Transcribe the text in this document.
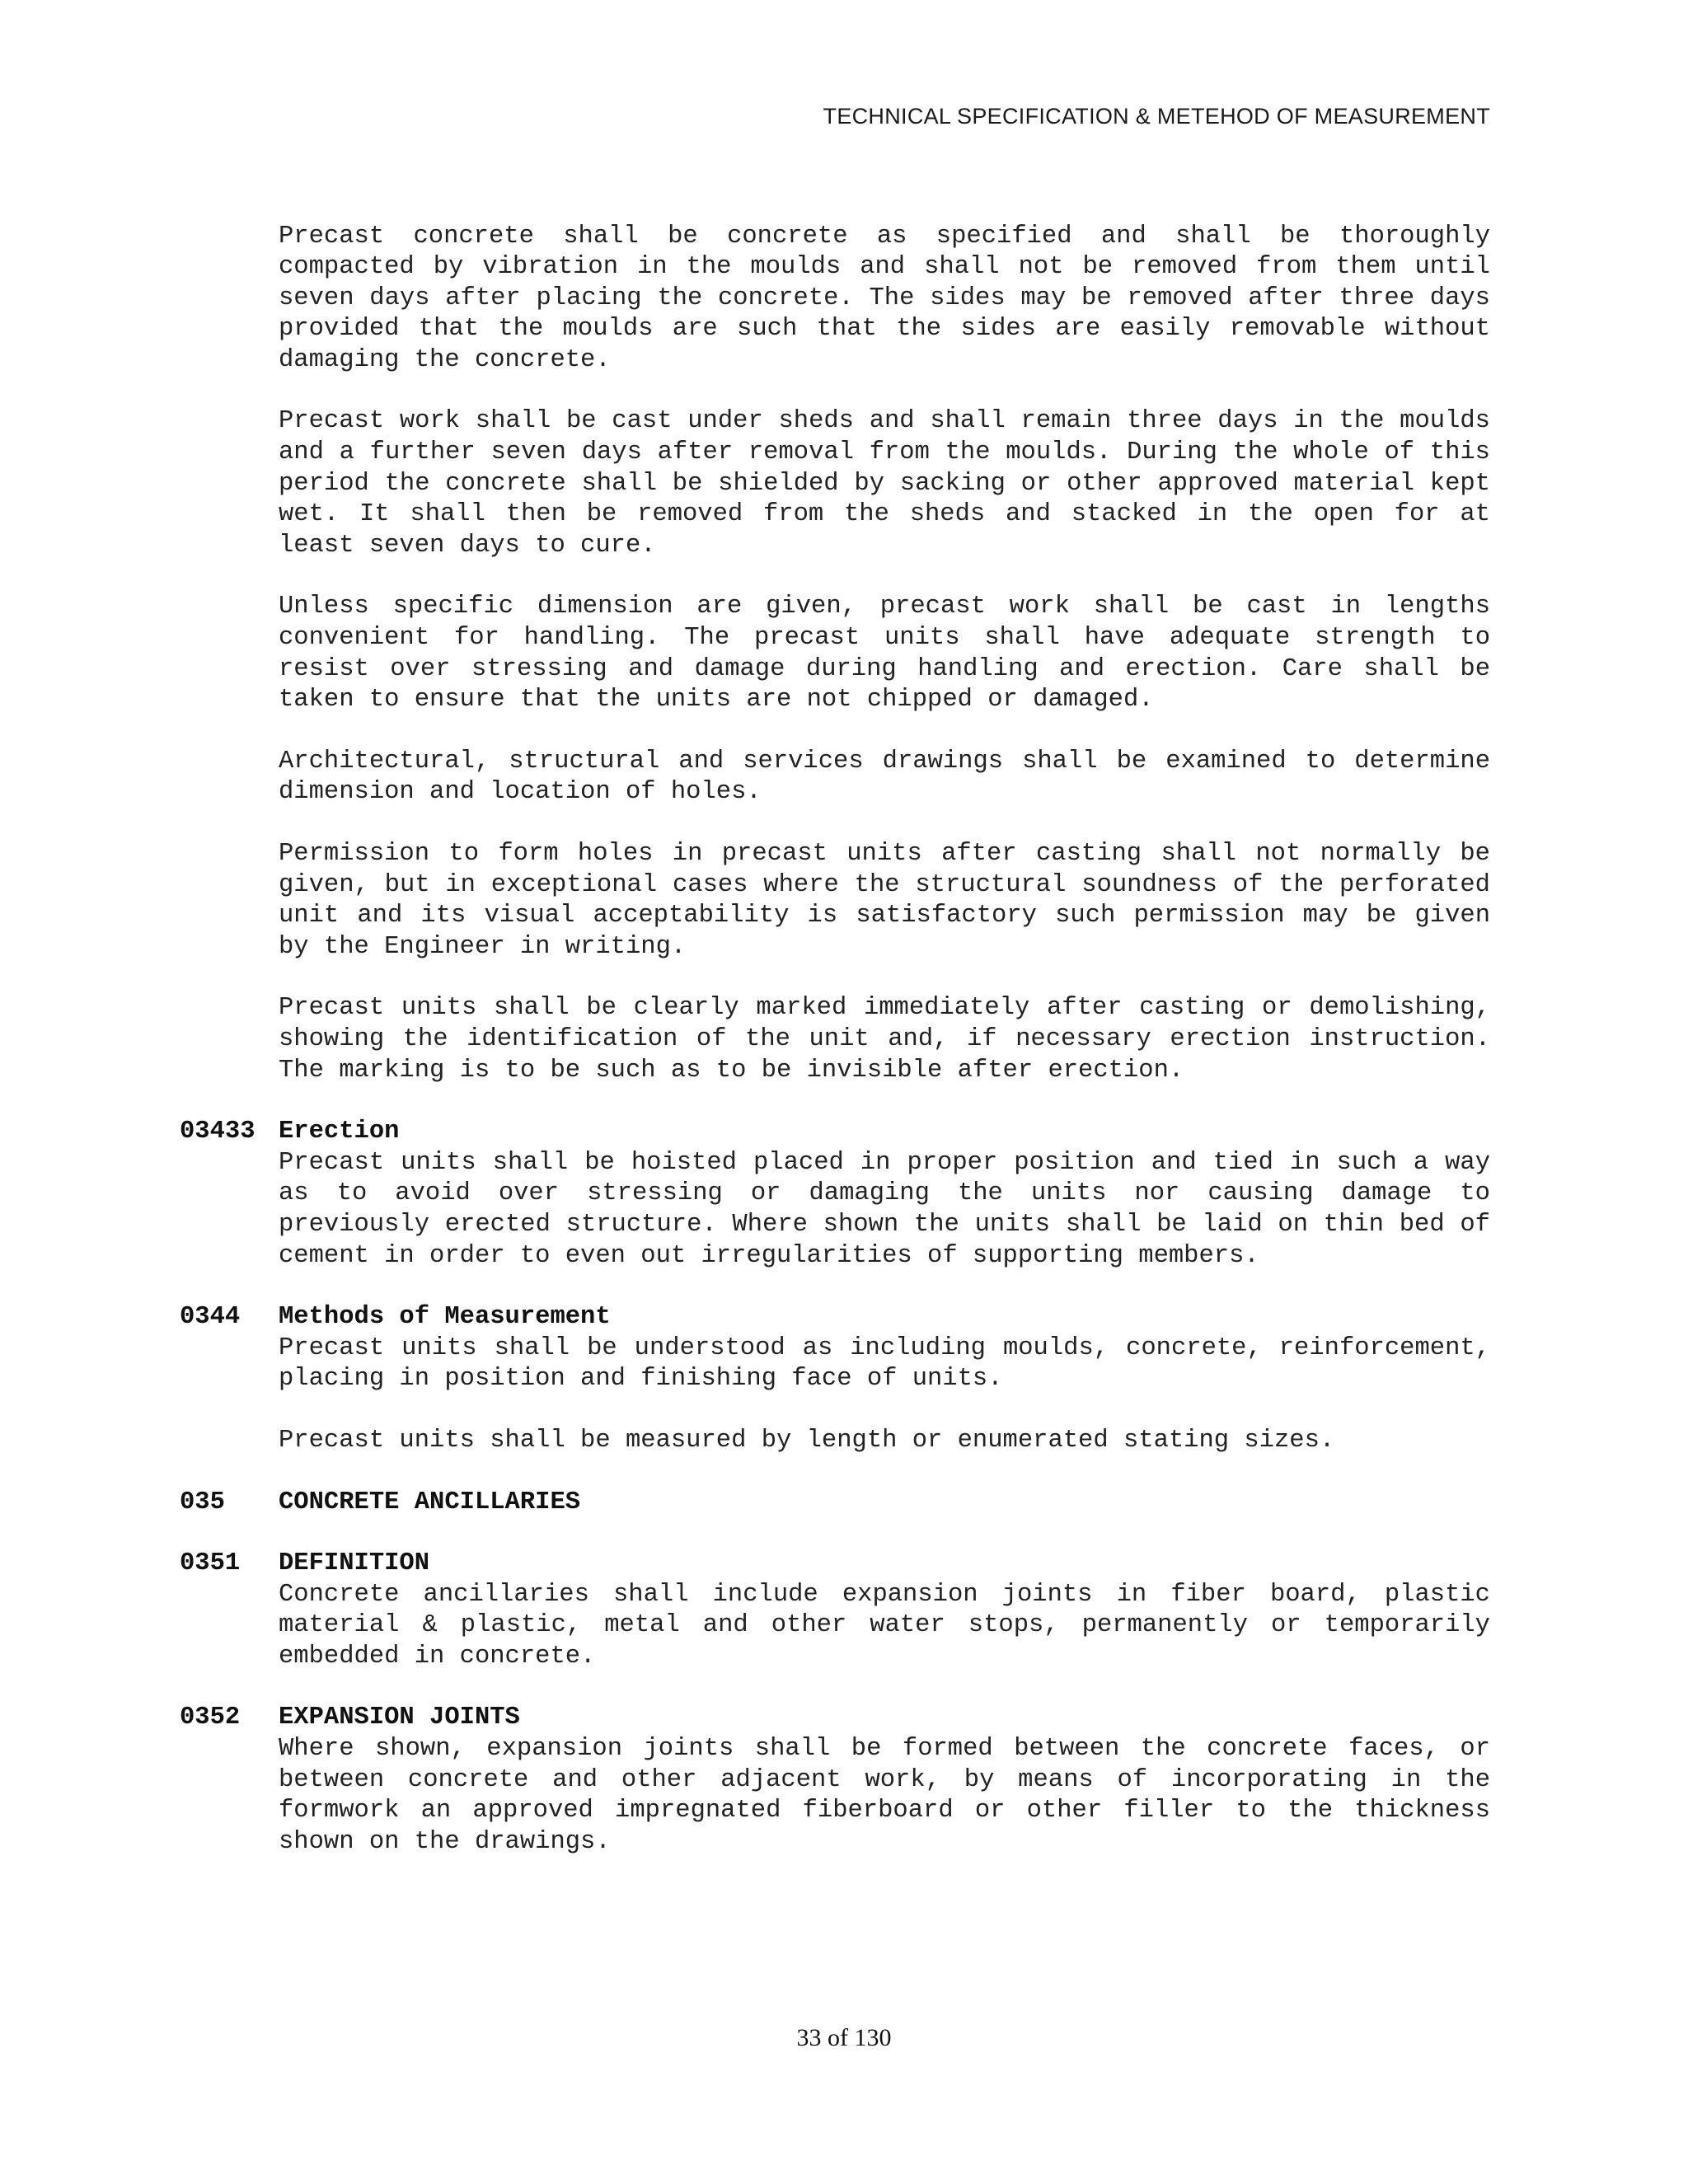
TECHNICAL SPECIFICATION & METEHOD OF MEASUREMENT

Precast concrete shall be concrete as specified and shall be thoroughly compacted by vibration in the moulds and shall not be removed from them until seven days after placing the concrete. The sides may be removed after three days provided that the moulds are such that the sides are easily removable without damaging the concrete.

Precast work shall be cast under sheds and shall remain three days in the moulds and a further seven days after removal from the moulds. During the whole of this period the concrete shall be shielded by sacking or other approved material kept wet. It shall then be removed from the sheds and stacked in the open for at least seven days to cure.

Unless specific dimension are given, precast work shall be cast in lengths convenient for handling. The precast units shall have adequate strength to resist over stressing and damage during handling and erection. Care shall be taken to ensure that the units are not chipped or damaged.

Architectural, structural and services drawings shall be examined to determine dimension and location of holes.

Permission to form holes in precast units after casting shall not normally be given, but in exceptional cases where the structural soundness of the perforated unit and its visual acceptability is satisfactory such permission may be given by the Engineer in writing.

Precast units shall be clearly marked immediately after casting or demolishing, showing the identification of the unit and, if necessary erection instruction. The marking is to be such as to be invisible after erection.

03433 Erection

Precast units shall be hoisted placed in proper position and tied in such a way as to avoid over stressing or damaging the units nor causing damage to previously erected structure. Where shown the units shall be laid on thin bed of cement in order to even out irregularities of supporting members.

0344	Methods of Measurement

Precast units shall be understood as including moulds, concrete, reinforcement, placing in position and finishing face of units.

Precast units shall be measured by length or enumerated stating sizes.

035	CONCRETE ANCILLARIES
0351	DEFINITION

Concrete ancillaries shall include expansion joints in fiber board, plastic material & plastic, metal and other water stops, permanently or temporarily embedded in concrete.

0352	EXPANSION JOINTS

Where shown, expansion joints shall be formed between the concrete faces, or between concrete and other adjacent work, by means of incorporating in the formwork an approved impregnated fiberboard or other filler to the thickness shown on the drawings.

33 of 130
